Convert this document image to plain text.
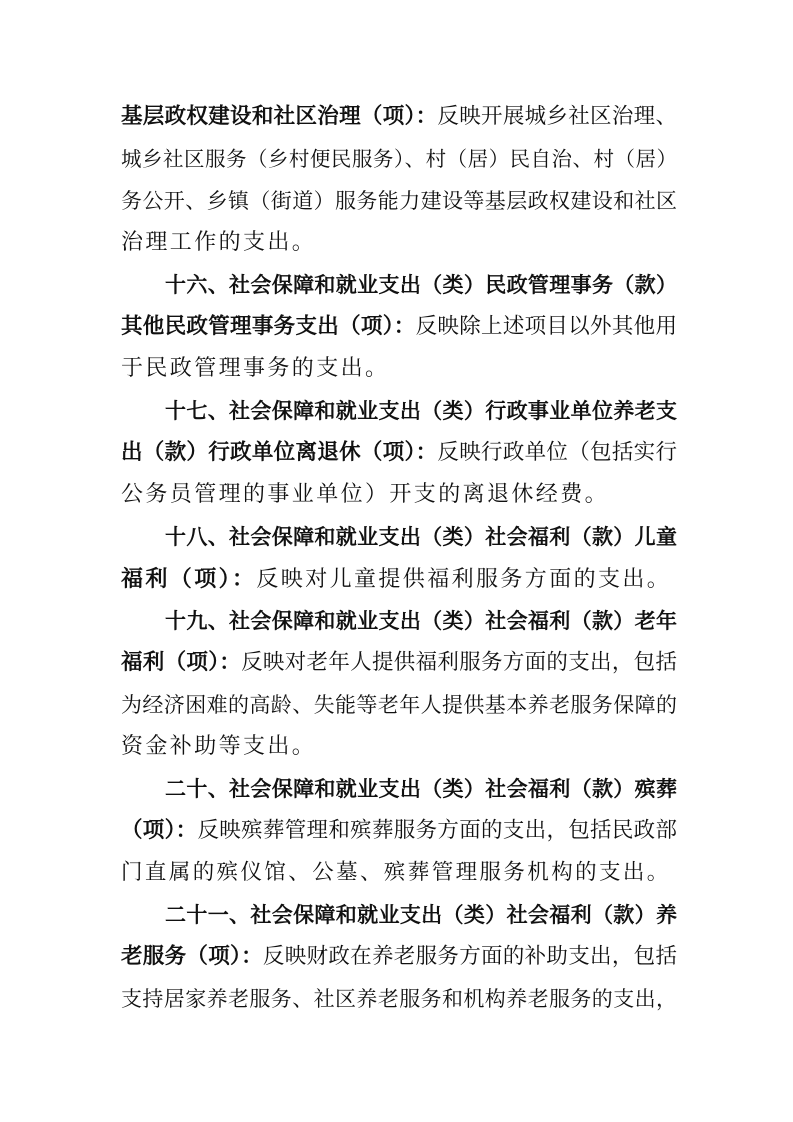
基层政权建设和社区治理（项）：反映开展城乡社区治理、
城乡社区服务（乡村便民服务）、村（居）民自治、村（居）
务公开、乡镇（街道）服务能力建设等基层政权建设和社区
治理工作的支出。
十六、社会保障和就业支出（类）民政管理事务（款）
其他民政管理事务支出（项）：反映除上述项目以外其他用
于民政管理事务的支出。
十七、社会保障和就业支出（类）行政事业单位养老支
出（款）行政单位离退休（项）：反映行政单位（包括实行
公务员管理的事业单位）开支的离退休经费。
十八、社会保障和就业支出（类）社会福利（款）儿童
福利（项）：反映对儿童提供福利服务方面的支出。
十九、社会保障和就业支出（类）社会福利（款）老年
福利（项）：反映对老年人提供福利服务方面的支出，包括
为经济困难的高龄、失能等老年人提供基本养老服务保障的
资金补助等支出。
二十、社会保障和就业支出（类）社会福利（款）殡葬
（项）：反映殡葬管理和殡葬服务方面的支出，包括民政部
门直属的殡仪馆、公墓、殡葬管理服务机构的支出。
二十一、社会保障和就业支出（类）社会福利（款）养
老服务（项）：反映财政在养老服务方面的补助支出，包括
支持居家养老服务、社区养老服务和机构养老服务的支出，
